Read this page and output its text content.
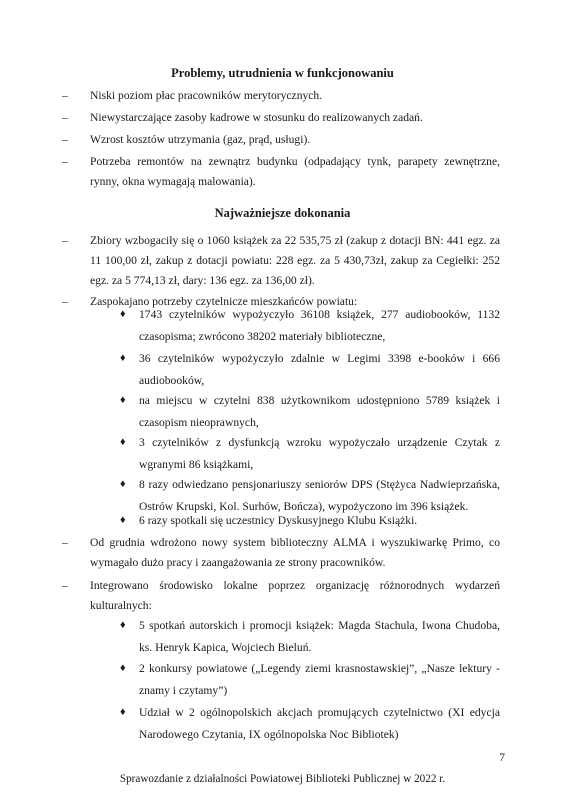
Problemy, utrudnienia w funkcjonowaniu
– Niski poziom płac pracowników merytorycznych.
– Niewystarczające zasoby kadrowe w stosunku do realizowanych zadań.
– Wzrost kosztów utrzymania (gaz, prąd, usługi).
– Potrzeba remontów na zewnątrz budynku (odpadający tynk, parapety zewnętrzne, rynny, okna wymagają malowania).
Najważniejsze dokonania
– Zbiory wzbogaciły się o 1060 książek za 22 535,75 zł (zakup z dotacji BN: 441 egz. za 11 100,00 zł, zakup z dotacji powiatu: 228 egz. za 5 430,73zł, zakup za Cegiełki: 252 egz. za 5 774,13 zł, dary: 136 egz. za 136,00 zł).
– Zaspokajano potrzeby czytelnicze mieszkańców powiatu:
♦ 1743 czytelników wypożyczyło 36108 książek, 277 audiobooków, 1132 czasopisma; zwrócono 38202 materiały biblioteczne,
♦ 36 czytelników wypożyczyło zdalnie w Legimi 3398 e-booków i 666 audiobooków,
♦ na miejscu w czytelni 838 użytkownikom udostępniono 5789 książek i czasopism nieoprawnych,
♦ 3 czytelników z dysfunkcją wzroku wypożyczało urządzenie Czytak z wgranymi 86 książkami,
♦ 8 razy odwiedzano pensjonariuszy seniorów DPS (Stężyca Nadwieprzańska, Ostrów Krupski, Kol. Surhów, Bończa), wypożyczono im 396 książek.
♦ 6 razy spotkali się uczestnicy Dyskusyjnego Klubu Książki.
– Od grudnia wdrożono nowy system biblioteczny ALMA i wyszukiwarkę Primo, co wymagało dużo pracy i zaangażowania ze strony pracowników.
– Integrowano środowisko lokalne poprzez organizację różnorodnych wydarzeń kulturalnych:
♦ 5 spotkań autorskich i promocji książek: Magda Stachula, Iwona Chudoba, ks. Henryk Kapica, Wojciech Bieluń.
♦ 2 konkursy powiatowe („Legendy ziemi krasnostawskiej”, „Nasze lektury - znamy i czytamy”)
♦ Udział w 2 ogólnopolskich akcjach promujących czytelnictwo (XI edycja Narodowego Czytania, IX ogólnopolska Noc Bibliotek)
7
Sprawozdanie z działalności Powiatowej Biblioteki Publicznej w 2022 r.
